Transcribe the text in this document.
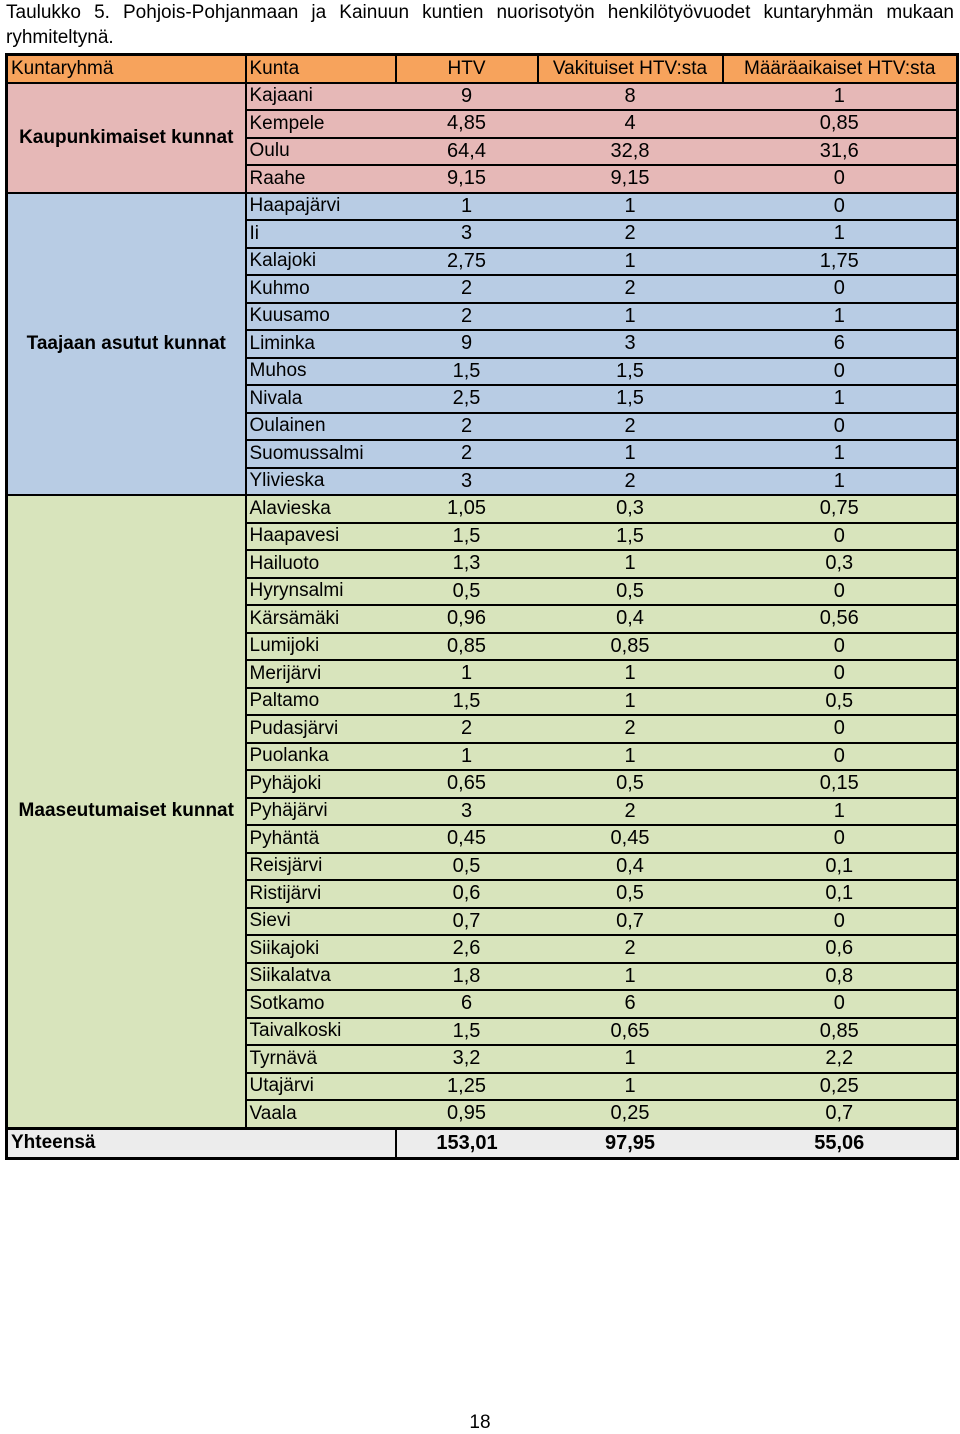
Taulukko 5. Pohjois-Pohjanmaan ja Kainuun kuntien nuorisotyön henkilötyövuodet kuntaryhmän mukaan ryhmiteltynä.
Kuntaryhmä	Kunta	HTV	Vakituiset HTV:sta	Määräaikaiset HTV:sta
Kaupunkimaiset kunnat	Kajaani	9	8	1
	Kempele	4,85	4	0,85
	Oulu	64,4	32,8	31,6
	Raahe	9,15	9,15	0
Taajaan asutut kunnat	Haapajärvi	1	1	0
	Ii	3	2	1
	Kalajoki	2,75	1	1,75
	Kuhmo	2	2	0
	Kuusamo	2	1	1
	Liminka	9	3	6
	Muhos	1,5	1,5	0
	Nivala	2,5	1,5	1
	Oulainen	2	2	0
	Suomussalmi	2	1	1
	Ylivieska	3	2	1
Maaseutumaiset kunnat	Alavieska	1,05	0,3	0,75
	Haapavesi	1,5	1,5	0
	Hailuoto	1,3	1	0,3
	Hyrynsalmi	0,5	0,5	0
	Kärsämäki	0,96	0,4	0,56
	Lumijoki	0,85	0,85	0
	Merijärvi	1	1	0
	Paltamo	1,5	1	0,5
	Pudasjärvi	2	2	0
	Puolanka	1	1	0
	Pyhäjoki	0,65	0,5	0,15
	Pyhäjärvi	3	2	1
	Pyhäntä	0,45	0,45	0
	Reisjärvi	0,5	0,4	0,1
	Ristijärvi	0,6	0,5	0,1
	Sievi	0,7	0,7	0
	Siikajoki	2,6	2	0,6
	Siikalatva	1,8	1	0,8
	Sotkamo	6	6	0
	Taivalkoski	1,5	0,65	0,85
	Tyrnävä	3,2	1	2,2
	Utajärvi	1,25	1	0,25
	Vaala	0,95	0,25	0,7
Yhteensä		153,01	97,95	55,06
18
